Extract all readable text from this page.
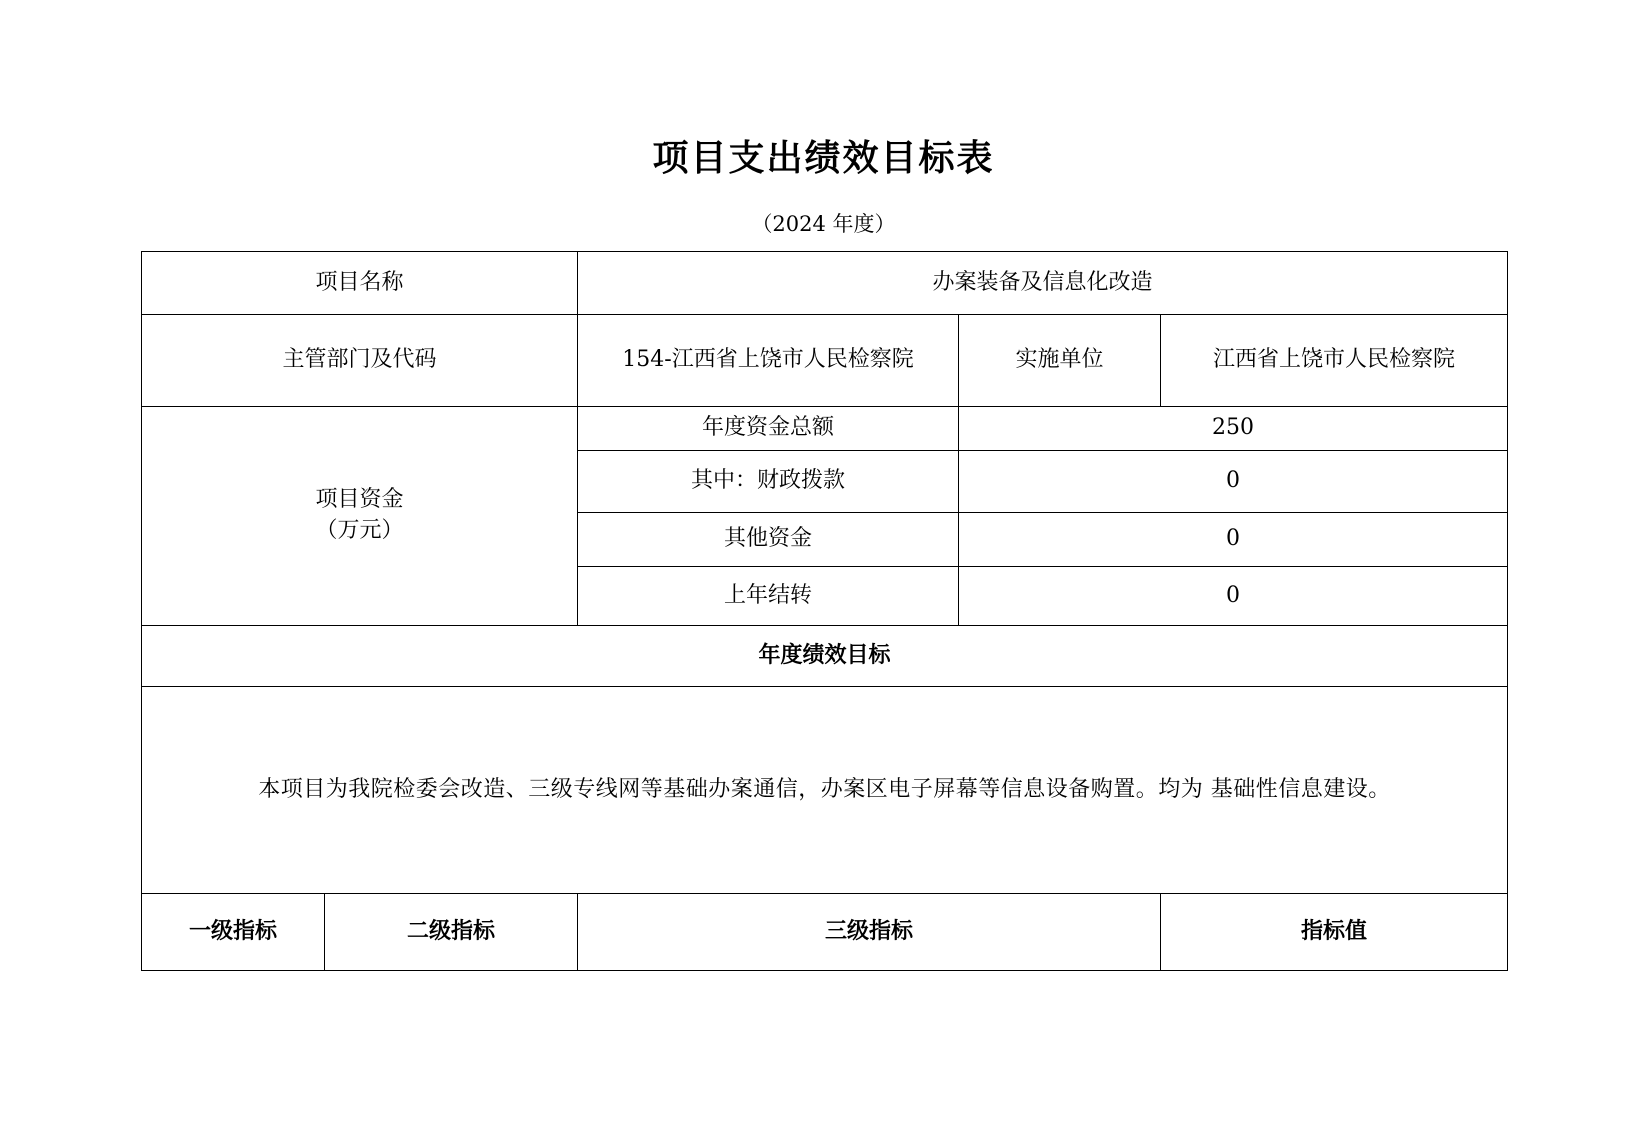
项目支出绩效目标表
（2024 年度）
项目名称		办案装备及信息化改造		
主管部门及代码		154-江西省上饶市人民检察院	实施单位	江西省上饶市人民检察院

项目资金
（万元）		年度资金总额	250	
		其中：财政拨款	0	
		其他资金	0	
		上年结转	0	
年度绩效目标				
本项目为我院检委会改造、三级专线网等基础办案通信，办案区电子屏幕等信息设备购置。均为 基础性信息建设。				
一级指标	二级指标	三级指标		指标值
